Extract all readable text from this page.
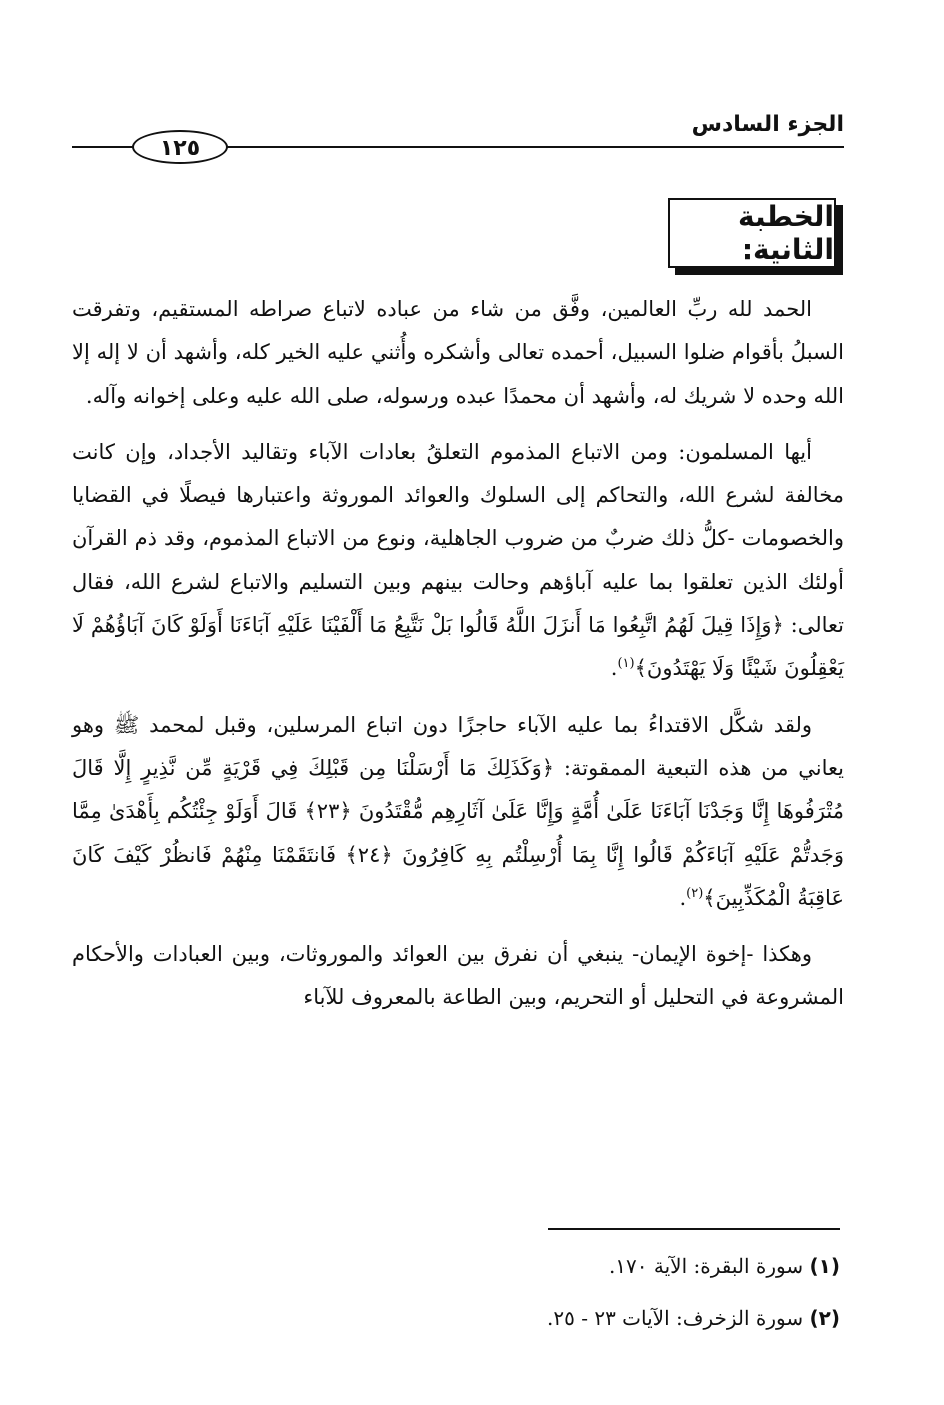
١٢٥
الجزء السادس
الخطبة الثانية:

الحمد لله ربِّ العالمين، وفَّق من شاء من عباده لاتباع صراطه المستقيم، وتفرقت السبلُ بأقوام ضلوا السبيل، أحمده تعالى وأشكره وأُثني عليه الخير كله، وأشهد أن لا إله إلا الله وحده لا شريك له، وأشهد أن محمدًا عبده ورسوله، صلى الله عليه وعلى إخوانه وآله.

أيها المسلمون: ومن الاتباع المذموم التعلقُ بعادات الآباء وتقاليد الأجداد، وإن كانت مخالفة لشرع الله، والتحاكم إلى السلوك والعوائد الموروثة واعتبارها فيصلًا في القضايا والخصومات -كلُّ ذلك ضربٌ من ضروب الجاهلية، ونوع من الاتباع المذموم، وقد ذم القرآن أولئك الذين تعلقوا بما عليه آباؤهم وحالت بينهم وبين التسليم والاتباع لشرع الله، فقال تعالى: ﴿وَإِذَا قِيلَ لَهُمُ اتَّبِعُوا مَا أَنزَلَ اللَّهُ قَالُوا بَلْ نَتَّبِعُ مَا أَلْفَيْنَا عَلَيْهِ آبَاءَنَا أَوَلَوْ كَانَ آبَاؤُهُمْ لَا يَعْقِلُونَ شَيْئًا وَلَا يَهْتَدُونَ﴾$^{(١)}$.

ولقد شكَّل الاقتداءُ بما عليه الآباء حاجزًا دون اتباع المرسلين، وقبل لمحمد ﷺ وهو يعاني من هذه التبعية الممقوتة: ﴿وَكَذَلِكَ مَا أَرْسَلْنَا مِن قَبْلِكَ فِي قَرْيَةٍ مِّن نَّذِيرٍ إِلَّا قَالَ مُتْرَفُوهَا إِنَّا وَجَدْنَا آبَاءَنَا عَلَىٰ أُمَّةٍ وَإِنَّا عَلَىٰ آثَارِهِم مُّقْتَدُونَ ﴿٢٣﴾ قَالَ أَوَلَوْ جِئْتُكُم بِأَهْدَىٰ مِمَّا وَجَدتُّمْ عَلَيْهِ آبَاءَكُمْ قَالُوا إِنَّا بِمَا أُرْسِلْتُم بِهِ كَافِرُونَ ﴿٢٤﴾ فَانتَقَمْنَا مِنْهُمْ فَانظُرْ كَيْفَ كَانَ عَاقِبَةُ الْمُكَذِّبِينَ﴾$^{(٢)}$.

وهكذا -إخوة الإيمان- ينبغي أن نفرق بين العوائد والموروثات، وبين العبادات والأحكام المشروعة في التحليل أو التحريم، وبين الطاعة بالمعروف للآباء

(١) سورة البقرة: الآية ١٧٠.

(٢) سورة الزخرف: الآيات ٢٣ - ٢٥.
